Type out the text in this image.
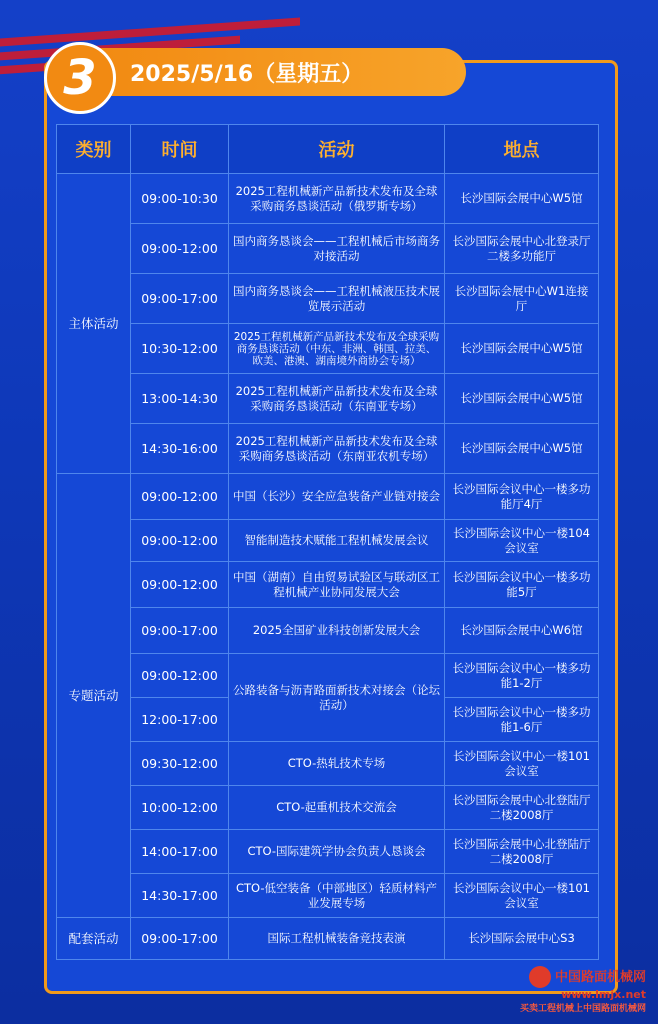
3 2025/5/16（星期五）
类别	时间	活动	地点
主体活动	09:00-10:30	2025工程机械新产品新技术发布及全球采购商务恳谈活动（俄罗斯专场）	长沙国际会展中心W5馆
	09:00-12:00	国内商务恳谈会——工程机械后市场商务对接活动	长沙国际会展中心北登录厅二楼多功能厅
	09:00-17:00	国内商务恳谈会——工程机械液压技术展览展示活动	长沙国际会展中心W1连接厅
	10:30-12:00	2025工程机械新产品新技术发布及全球采购商务恳谈活动（中东、非洲、韩国、拉美、欧美、港澳、湖南境外商协会专场）	长沙国际会展中心W5馆
	13:00-14:30	2025工程机械新产品新技术发布及全球采购商务恳谈活动（东南亚专场）	长沙国际会展中心W5馆
	14:30-16:00	2025工程机械新产品新技术发布及全球采购商务恳谈活动（东南亚农机专场）	长沙国际会展中心W5馆
专题活动	09:00-12:00	中国（长沙）安全应急装备产业链对接会	长沙国际会议中心一楼多功能厅4厅
	09:00-12:00	智能制造技术赋能工程机械发展会议	长沙国际会议中心一楼104会议室
	09:00-12:00	中国（湖南）自由贸易试验区与联动区工程机械产业协同发展大会	长沙国际会议中心一楼多功能5厅
	09:00-17:00	2025全国矿业科技创新发展大会	长沙国际会展中心W6馆
	09:00-12:00	公路装备与沥青路面新技术对接会（论坛活动）	长沙国际会议中心一楼多功能1-2厅
	12:00-17:00		长沙国际会议中心一楼多功能1-6厅
	09:30-12:00	CTO-热轧技术专场	长沙国际会议中心一楼101会议室
	10:00-12:00	CTO-起重机技术交流会	长沙国际会展中心北登陆厅二楼2008厅
	14:00-17:00	CTO-国际建筑学协会负责人恳谈会	长沙国际会展中心北登陆厅二楼2008厅
	14:30-17:00	CTO-低空装备（中部地区）轻质材料产业发展专场	长沙国际会议中心一楼101会议室
配套活动	09:00-17:00	国际工程机械装备竞技表演	长沙国际会展中心S3
中国路面机械网
www.lmjx.net
买卖工程机械上中国路面机械网
